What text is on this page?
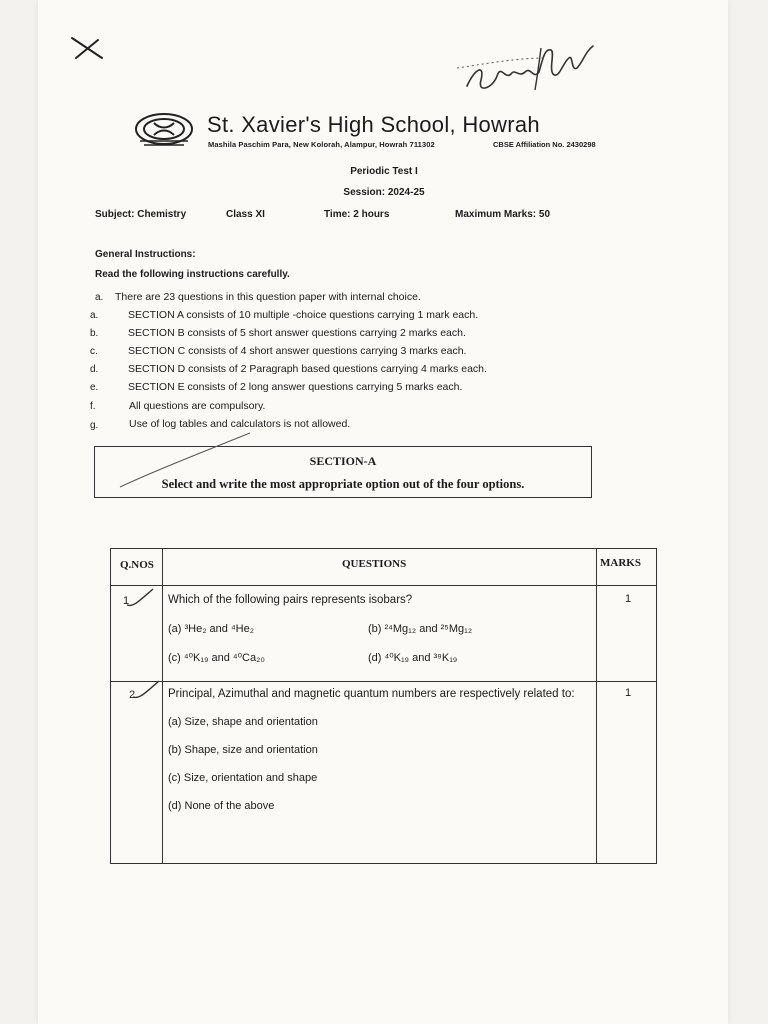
St. Xavier's High School, Howrah
Mashila Paschim Para, New Kolorah, Alampur, Howrah 711302	CBSE Affiliation No. 2430298
Periodic Test I
Session: 2024-25
Subject: Chemistry	Class XI	Time: 2 hours	Maximum Marks: 50
General Instructions:
Read the following instructions carefully.
a. There are 23 questions in this question paper with internal choice.
a.	SECTION A consists of 10 multiple -choice questions carrying 1 mark each.
b.	SECTION B consists of 5 short answer questions carrying 2 marks each.
c.	SECTION C consists of 4 short answer questions carrying 3 marks each.
d.	SECTION D consists of 2 Paragraph based questions carrying 4 marks each.
e.	SECTION E consists of 2 long answer questions carrying 5 marks each.
f.	All questions are compulsory.
g.	Use of log tables and calculators is not allowed.
SECTION-A
Select and write the most appropriate option out of the four options.
Q.NOS	QUESTIONS	MARKS
1	Which of the following pairs represents isobars?
(a) ³He₂ and ⁴He₂	(b) ²⁴Mg₁₂ and ²⁵Mg₁₂
(c) ⁴⁰K₁₉ and ⁴⁰Ca₂₀	(d) ⁴⁰K₁₉ and ³⁹K₁₉
1
2.	Principal, Azimuthal and magnetic quantum numbers are respectively related to:
(a) Size, shape and orientation
(b) Shape, size and orientation
(c) Size, orientation and shape
(d) None of the above
1
